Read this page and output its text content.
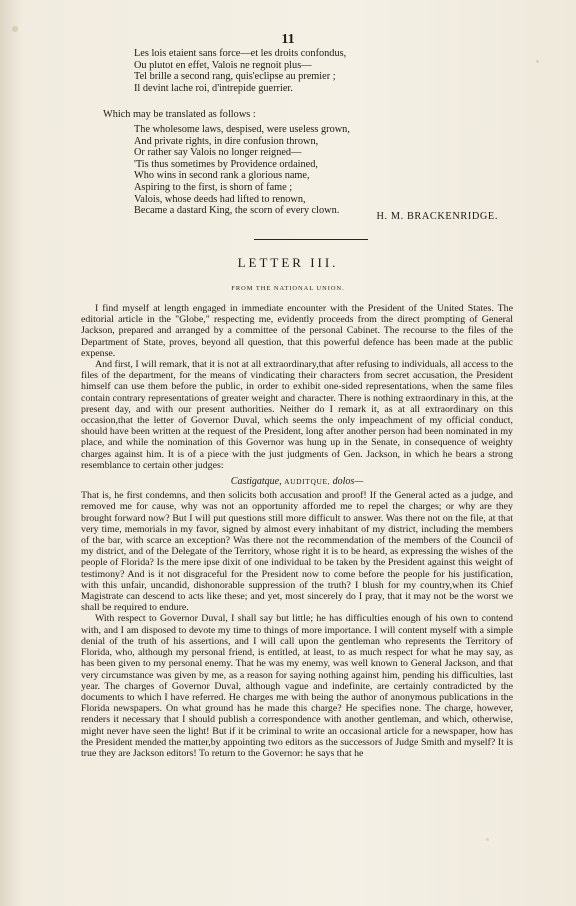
11
Les lois etaient sans force—et les droits confondus,
Ou plutot en effet, Valois ne regnoit plus—
Tel brille a second rang, quis'eclipse au premier ;
Il devint lache roi, d'intrepide guerrier.
Which may be translated as follows :
The wholesome laws, despised, were useless grown,
And private rights, in dire confusion thrown,
Or rather say Valois no longer reigned—
'Tis thus sometimes by Providence ordained,
Who wins in second rank a glorious name,
Aspiring to the first, is shorn of fame ;
Valois, whose deeds had lifted to renown,
Became a dastard King, the scorn of every clown.
H. M. BRACKENRIDGE.
LETTER III.
FROM THE NATIONAL UNION.

I find myself at length engaged in immediate encounter with the President of the United States. The editorial article in the "Globe," respecting me, evidently proceeds from the direct prompting of General Jackson, prepared and arranged by a committee of the personal Cabinet. The recourse to the files of the Department of State, proves, beyond all question, that this powerful defence has been made at the public expense.

And first, I will remark, that it is not at all extraordinary,that after refusing to individuals, all access to the files of the department, for the means of vindicating their characters from secret accusation, the President himself can use them before the public, in order to exhibit one-sided representations, when the same files contain contrary representations of greater weight and character. There is nothing extraordinary in this, at the present day, and with our present authorities. Neither do I remark it, as at all extraordinary on this occasion,that the letter of Governor Duval, which seems the only impeachment of my official conduct, should have been written at the request of the President, long after another person had been nominated in my place, and while the nomination of this Governor was hung up in the Senate, in consequence of weighty charges against him. It is of a piece with the just judgments of Gen. Jackson, in which he bears a strong resemblance to certain other judges:

Castigatque, AUDITQUE, dolos—

That is, he first condemns, and then solicits both accusation and proof! If the General acted as a judge, and removed me for cause, why was not an opportunity afforded me to repel the charges; or why are they brought forward now? But I will put questions still more difficult to answer. Was there not on the file, at that very time, memorials in my favor, signed by almost every inhabitant of my district, including the members of the bar, with scarce an exception? Was there not the recommendation of the members of the Council of my district, and of the Delegate of the Territory, whose right it is to be heard, as expressing the wishes of the people of Florida? Is the mere ipse dixit of one individual to be taken by the President against this weight of testimony? And is it not disgraceful for the President now to come before the people for his justification, with this unfair, uncandid, dishonorable suppression of the truth? I blush for my country,when its Chief Magistrate can descend to acts like these; and yet, most sincerely do I pray, that it may not be the worst we shall be required to endure.

With respect to Governor Duval, I shall say but little; he has difficulties enough of his own to contend with, and I am disposed to devote my time to things of more importance. I will content myself with a simple denial of the truth of his assertions, and I will call upon the gentleman who represents the Territory of Florida, who, although my personal friend, is entitled, at least, to as much respect for what he may say, as has been given to my personal enemy. That he was my enemy, was well known to General Jackson, and that very circumstance was given by me, as a reason for saying nothing against him, pending his difficulties, last year. The charges of Governor Duval, although vague and indefinite, are certainly contradicted by the documents to which I have referred. He charges me with being the author of anonymous publications in the Florida newspapers. On what ground has he made this charge? He specifies none. The charge, however, renders it necessary that I should publish a correspondence with another gentleman, and which, otherwise, might never have seen the light! But if it be criminal to write an occasional article for a newspaper, how has the President mended the matter,by appointing two editors as the successors of Judge Smith and myself? It is true they are Jackson editors! To return to the Governor: he says that he
